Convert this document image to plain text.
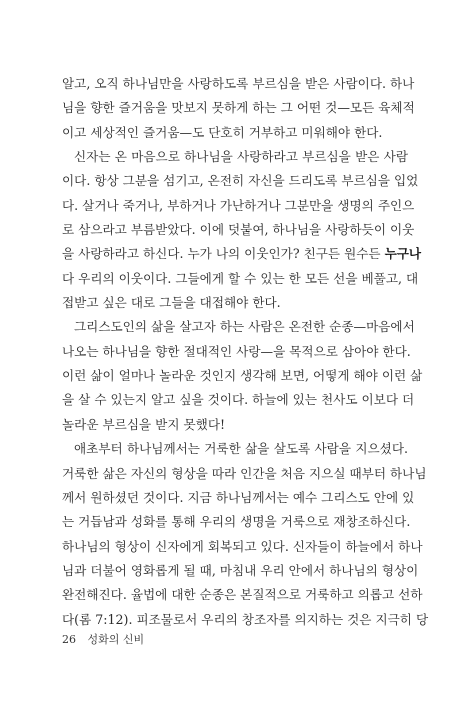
알고, 오직 하나님만을 사랑하도록 부르심을 받은 사람이다. 하나
님을 향한 즐거움을 맛보지 못하게 하는 그 어떤 것—모든 육체적
이고 세상적인 즐거움—도 단호히 거부하고 미워해야 한다.
신자는 온 마음으로 하나님을 사랑하라고 부르심을 받은 사람
이다. 항상 그분을 섬기고, 온전히 자신을 드리도록 부르심을 입었
다. 살거나 죽거나, 부하거나 가난하거나 그분만을 생명의 주인으
로 삼으라고 부름받았다. 이에 덧붙여, 하나님을 사랑하듯이 이웃
을 사랑하라고 하신다. 누가 나의 이웃인가? 친구든 원수든 누구나
다 우리의 이웃이다. 그들에게 할 수 있는 한 모든 선을 베풀고, 대
접받고 싶은 대로 그들을 대접해야 한다.
그리스도인의 삶을 살고자 하는 사람은 온전한 순종—마음에서
나오는 하나님을 향한 절대적인 사랑—을 목적으로 삼아야 한다.
이런 삶이 얼마나 놀라운 것인지 생각해 보면, 어떻게 해야 이런 삶
을 살 수 있는지 알고 싶을 것이다. 하늘에 있는 천사도 이보다 더
놀라운 부르심을 받지 못했다!
애초부터 하나님께서는 거룩한 삶을 살도록 사람을 지으셨다.
거룩한 삶은 자신의 형상을 따라 인간을 처음 지으실 때부터 하나님
께서 원하셨던 것이다. 지금 하나님께서는 예수 그리스도 안에 있
는 거듭남과 성화를 통해 우리의 생명을 거룩으로 재창조하신다.
하나님의 형상이 신자에게 회복되고 있다. 신자들이 하늘에서 하나
님과 더불어 영화롭게 될 때, 마침내 우리 안에서 하나님의 형상이
완전해진다. 율법에 대한 순종은 본질적으로 거룩하고 의롭고 선하
다(롬 7:12). 피조물로서 우리의 창조자를 의지하는 것은 지극히 당
26 성화의 신비
